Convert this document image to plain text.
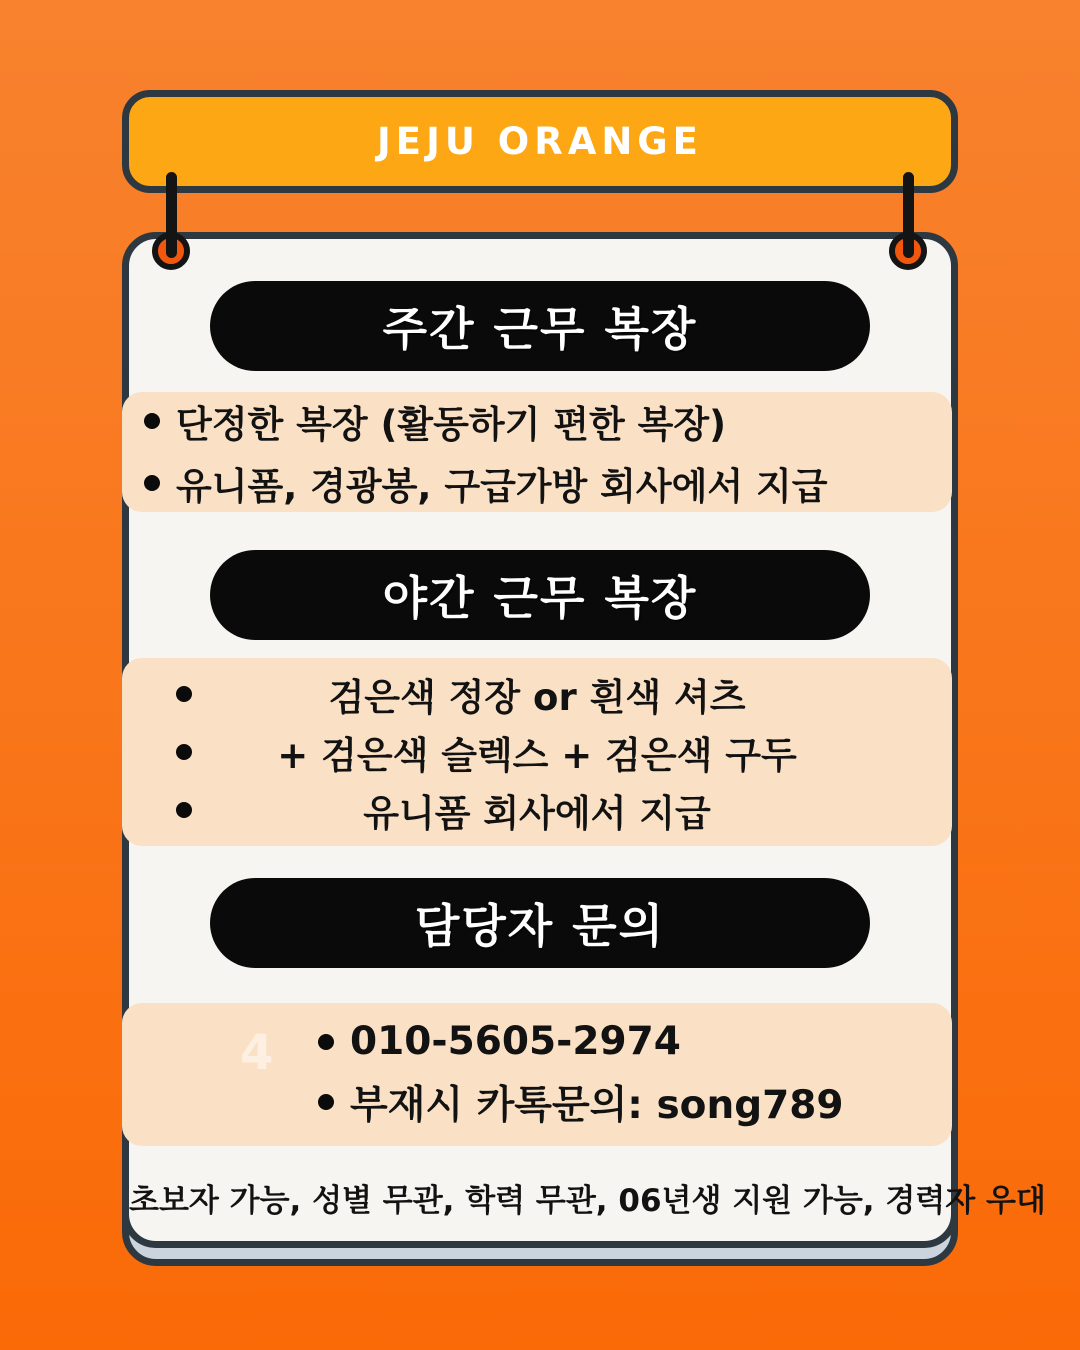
JEJU ORANGE
주간 근무 복장
단정한 복장 (활동하기 편한 복장)
유니폼, 경광봉, 구급가방 회사에서 지급
야간 근무 복장
검은색 정장 or 흰색 셔츠
+ 검은색 슬렉스 + 검은색 구두
유니폼 회사에서 지급
담당자 문의
4 010-5605-2974
부재시 카톡문의: song789
초보자 가능, 성별 무관, 학력 무관, 06년생 지원 가능, 경력자 우대
